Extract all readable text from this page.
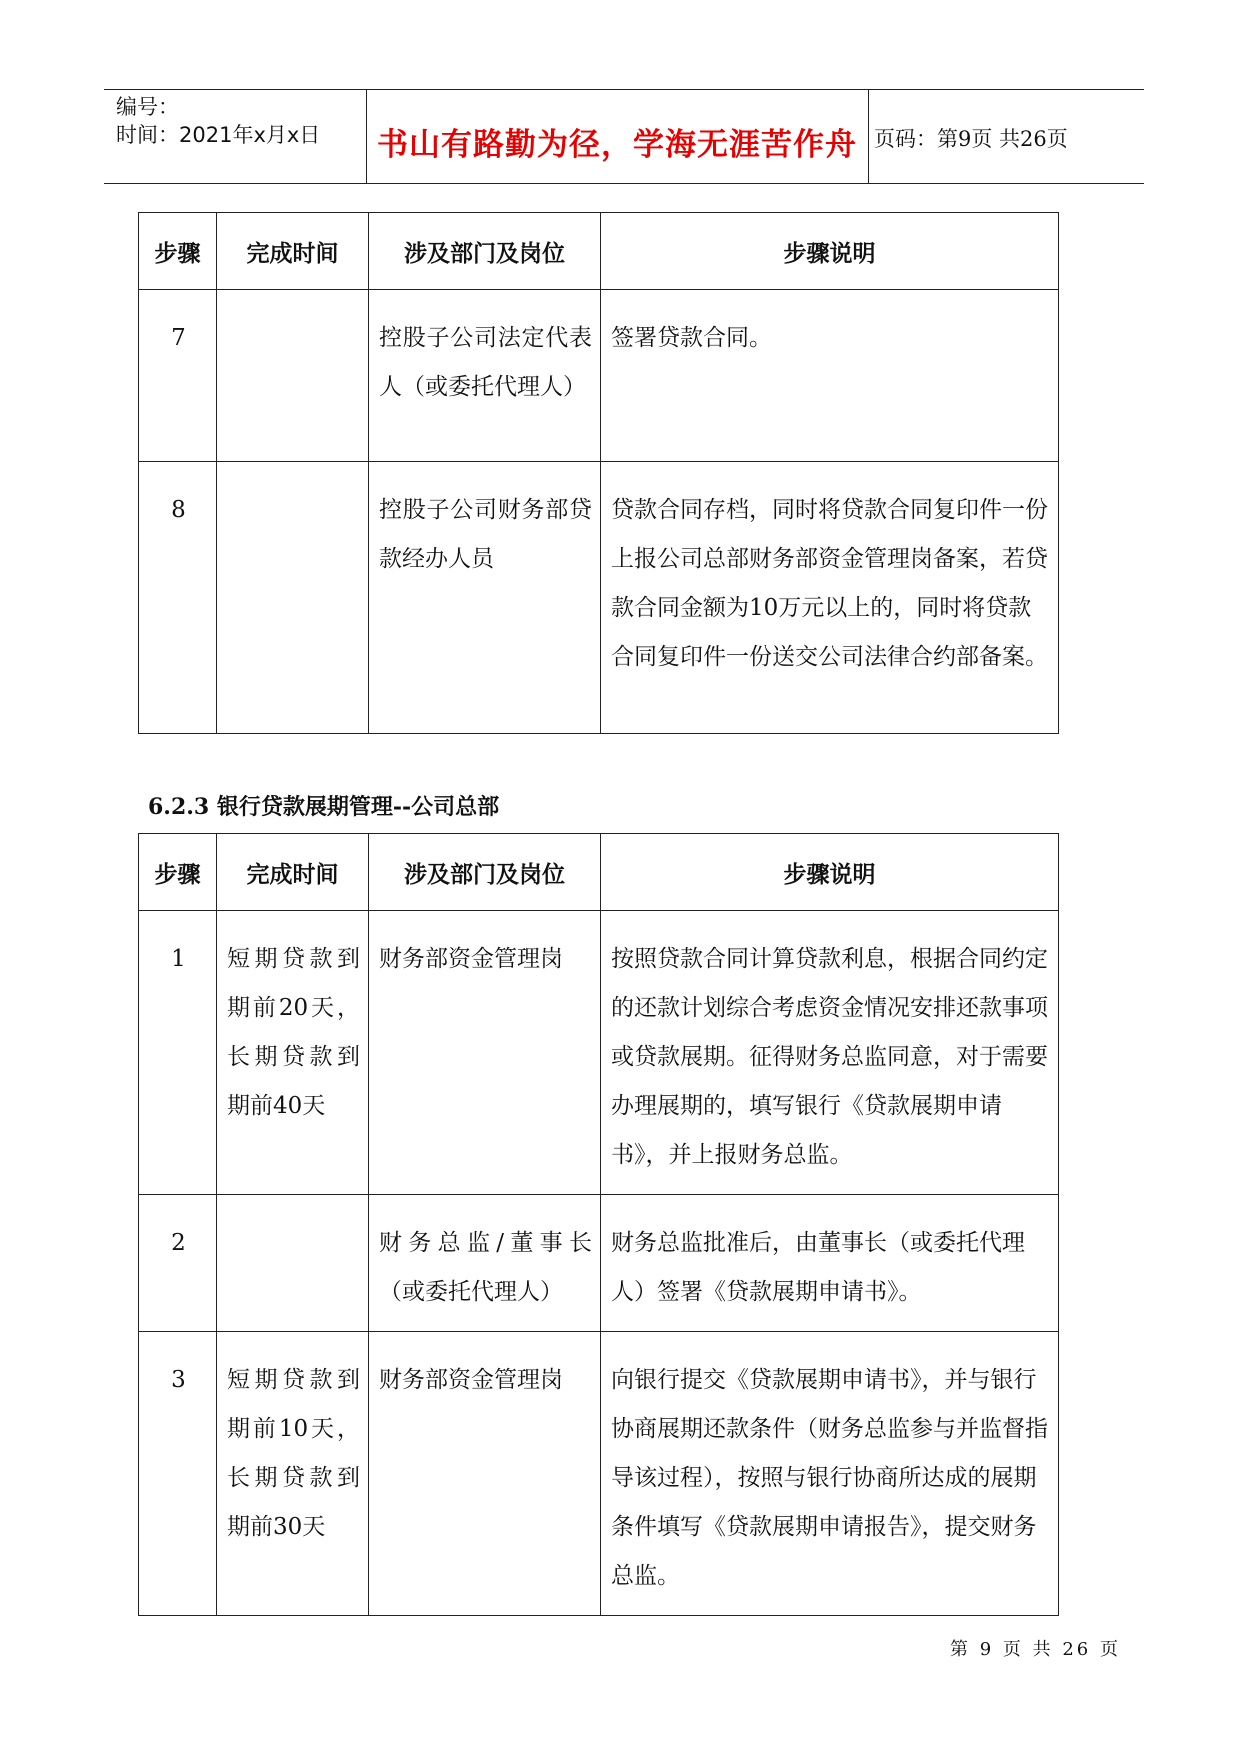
编号：
时间：2021年x月x日 书山有路勤为径，学海无涯苦作舟 页码：第9页 共26页
步骤	完成时间	涉及部门及岗位	步骤说明
7		控股子公司法定代表人（或委托代理人）	签署贷款合同。
8		控股子公司财务部贷款经办人员	贷款合同存档，同时将贷款合同复印件一份上报公司总部财务部资金管理岗备案，若贷款合同金额为10万元以上的，同时将贷款合同复印件一份送交公司法律合约部备案。
6.2.3 银行贷款展期管理--公司总部
步骤	完成时间	涉及部门及岗位	步骤说明
1	短期贷款到期前20天，长期贷款到期前40天	财务部资金管理岗	按照贷款合同计算贷款利息，根据合同约定的还款计划综合考虑资金情况安排还款事项或贷款展期。征得财务总监同意，对于需要办理展期的，填写银行《贷款展期申请书》，并上报财务总监。
2		财务总监/董事长（或委托代理人）	财务总监批准后，由董事长（或委托代理人）签署《贷款展期申请书》。
3	短期贷款到期前10天，长期贷款到期前30天	财务部资金管理岗	向银行提交《贷款展期申请书》，并与银行协商展期还款条件（财务总监参与并监督指导该过程），按照与银行协商所达成的展期条件填写《贷款展期申请报告》，提交财务总监。
第 9 页 共 26 页
